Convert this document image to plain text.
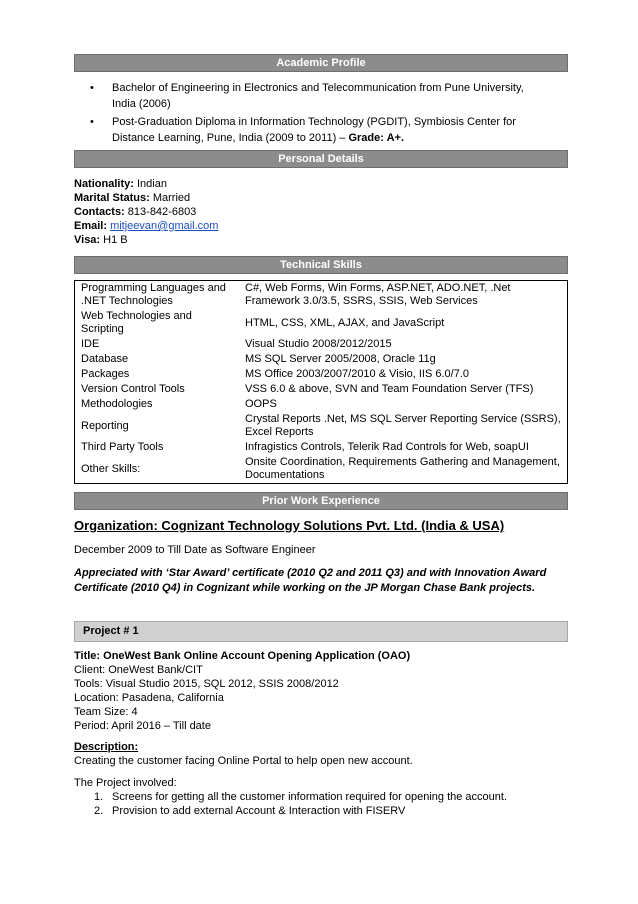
Academic Profile
• Bachelor of Engineering in Electronics and Telecommunication from Pune University, India (2006)
• Post-Graduation Diploma in Information Technology (PGDIT), Symbiosis Center for Distance Learning, Pune, India (2009 to 2011) – Grade: A+.
Personal Details
Nationality: Indian
Marital Status: Married
Contacts: 813-842-6803
Email: mitjeevan@gmail.com
Visa: H1 B
Technical Skills
Programming Languages and .NET Technologies	C#, Web Forms, Win Forms, ASP.NET, ADO.NET, .Net Framework 3.0/3.5, SSRS, SSIS, Web Services
Web Technologies and Scripting	HTML, CSS, XML, AJAX, and JavaScript
IDE	Visual Studio 2008/2012/2015
Database	MS SQL Server 2005/2008, Oracle 11g
Packages	MS Office 2003/2007/2010 & Visio, IIS 6.0/7.0
Version Control Tools	VSS 6.0 & above, SVN and Team Foundation Server (TFS)
Methodologies	OOPS
Reporting	Crystal Reports .Net, MS SQL Server Reporting Service (SSRS), Excel Reports
Third Party Tools	Infragistics Controls, Telerik Rad Controls for Web, soapUI
Other Skills:	Onsite Coordination, Requirements Gathering and Management, Documentations
Prior Work Experience
Organization: Cognizant Technology Solutions Pvt. Ltd. (India & USA)
December 2009 to Till Date as Software Engineer
Appreciated with ‘Star Award’ certificate (2010 Q2 and 2011 Q3) and with Innovation Award Certificate (2010 Q4) in Cognizant while working on the JP Morgan Chase Bank projects.
Project # 1
Title: OneWest Bank Online Account Opening Application (OAO)
Client: OneWest Bank/CIT
Tools: Visual Studio 2015, SQL 2012, SSIS 2008/2012
Location: Pasadena, California
Team Size: 4
Period: April 2016 – Till date
Description:
Creating the customer facing Online Portal to help open new account.
The Project involved:
1. Screens for getting all the customer information required for opening the account.
2. Provision to add external Account & Interaction with FISERV
